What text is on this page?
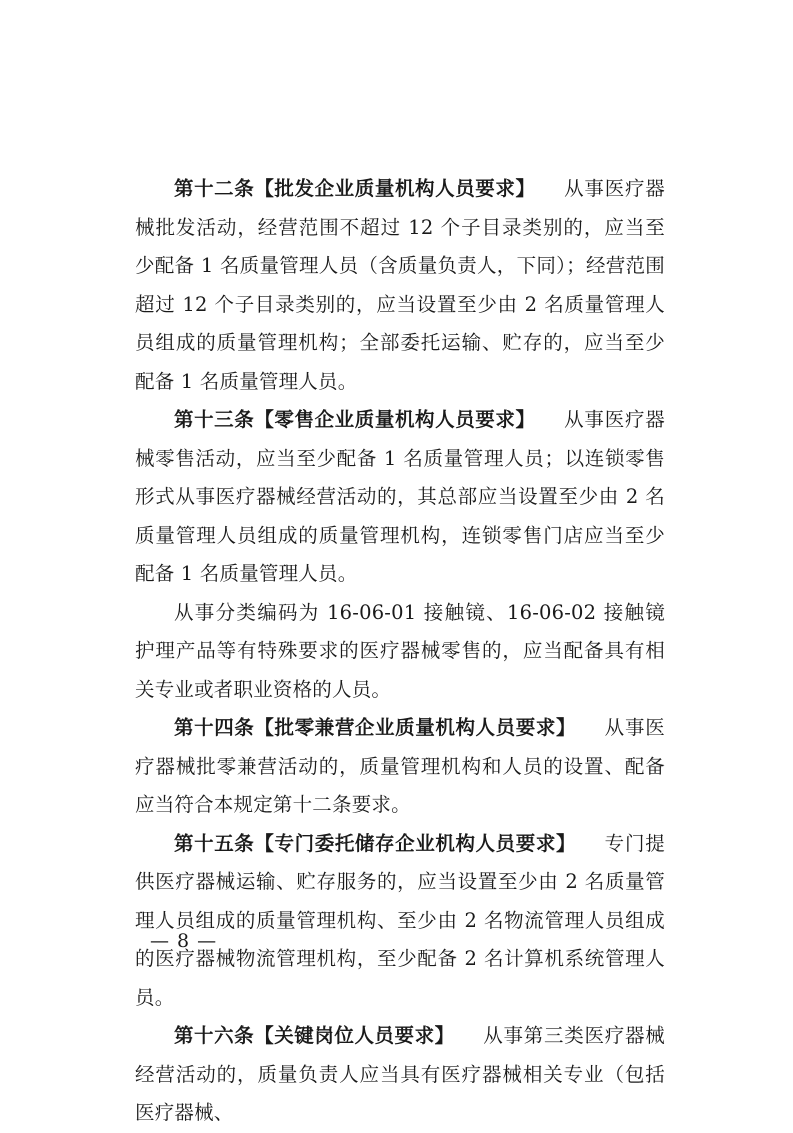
第十二条【批发企业质量机构人员要求】 从事医疗器械批发活动，经营范围不超过 12 个子目录类别的，应当至少配备 1 名质量管理人员（含质量负责人，下同）；经营范围超过 12 个子目录类别的，应当设置至少由 2 名质量管理人员组成的质量管理机构；全部委托运输、贮存的，应当至少配备 1 名质量管理人员。

第十三条【零售企业质量机构人员要求】 从事医疗器械零售活动，应当至少配备 1 名质量管理人员；以连锁零售形式从事医疗器械经营活动的，其总部应当设置至少由 2 名质量管理人员组成的质量管理机构，连锁零售门店应当至少配备 1 名质量管理人员。

从事分类编码为 16-06-01 接触镜、16-06-02 接触镜护理产品等有特殊要求的医疗器械零售的，应当配备具有相关专业或者职业资格的人员。

第十四条【批零兼营企业质量机构人员要求】 从事医疗器械批零兼营活动的，质量管理机构和人员的设置、配备应当符合本规定第十二条要求。

第十五条【专门委托储存企业机构人员要求】 专门提供医疗器械运输、贮存服务的，应当设置至少由 2 名质量管理人员组成的质量管理机构、至少由 2 名物流管理人员组成的医疗器械物流管理机构，至少配备 2 名计算机系统管理人员。

第十六条【关键岗位人员要求】 从事第三类医疗器械经营活动的，质量负责人应当具有医疗器械相关专业（包括医疗器械、

— 8 —
